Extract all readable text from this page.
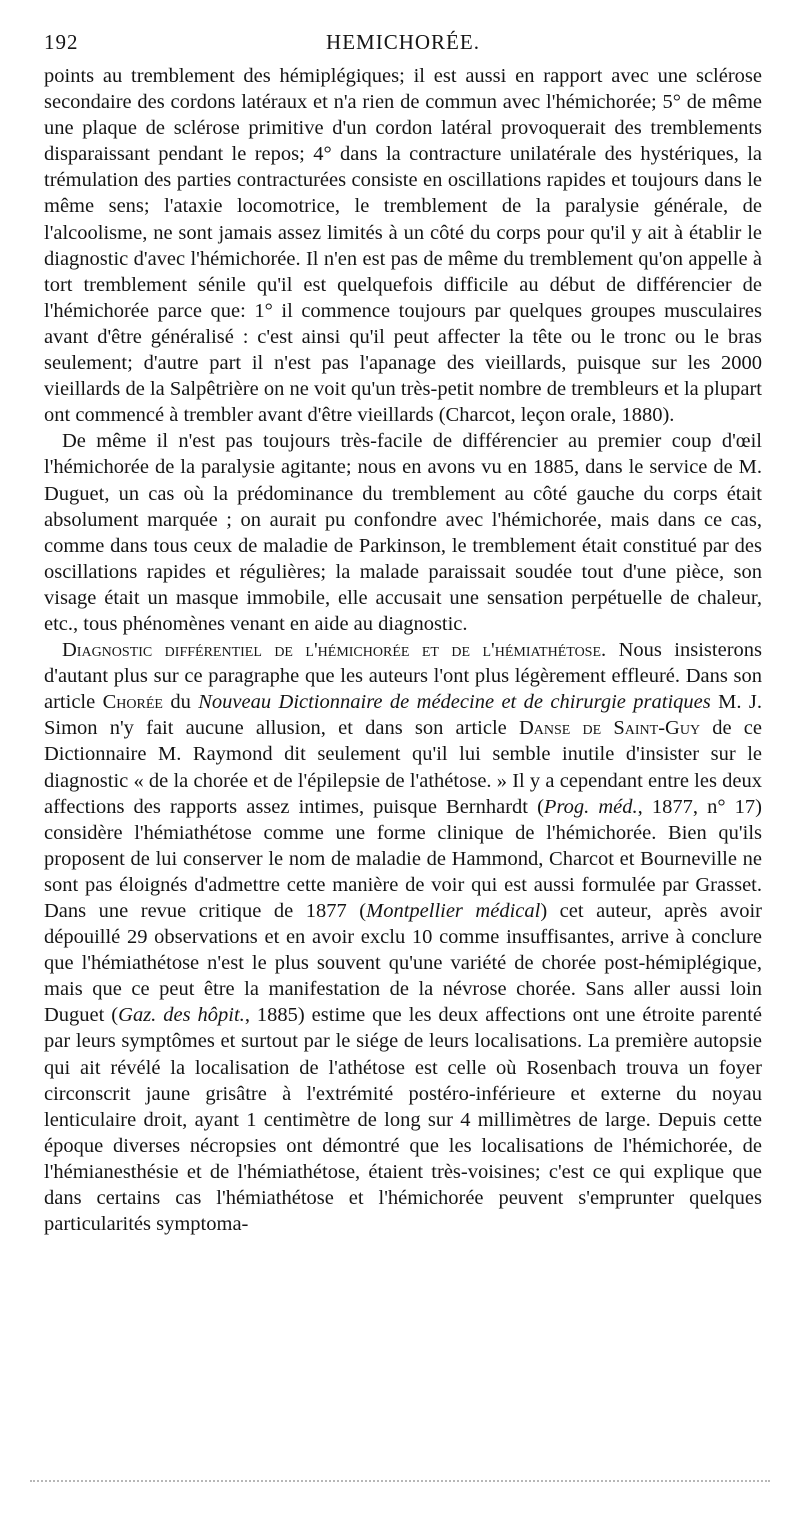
192	HEMICHORÉE.

points au tremblement des hémiplégiques; il est aussi en rapport avec une sclérose secondaire des cordons latéraux et n'a rien de commun avec l'hémichorée; 5° de même une plaque de sclérose primitive d'un cordon latéral provoquerait des tremblements disparaissant pendant le repos; 4° dans la contracture unilatérale des hystériques, la trémulation des parties contracturées consiste en oscillations rapides et toujours dans le même sens; l'ataxie locomotrice, le tremblement de la paralysie générale, de l'alcoolisme, ne sont jamais assez limités à un côté du corps pour qu'il y ait à établir le diagnostic d'avec l'hémichorée. Il n'en est pas de même du tremblement qu'on appelle à tort tremblement sénile qu'il est quelquefois difficile au début de différencier de l'hémichorée parce que: 1° il commence toujours par quelques groupes musculaires avant d'être généralisé : c'est ainsi qu'il peut affecter la tête ou le tronc ou le bras seulement; d'autre part il n'est pas l'apanage des vieillards, puisque sur les 2000 vieillards de la Salpêtrière on ne voit qu'un très-petit nombre de trembleurs et la plupart ont commencé à trembler avant d'être vieillards (Charcot, leçon orale, 1880).

De même il n'est pas toujours très-facile de différencier au premier coup d'œil l'hémichorée de la paralysie agitante; nous en avons vu en 1885, dans le service de M. Duguet, un cas où la prédominance du tremblement au côté gauche du corps était absolument marquée ; on aurait pu confondre avec l'hémichorée, mais dans ce cas, comme dans tous ceux de maladie de Parkinson, le tremblement était constitué par des oscillations rapides et régulières; la malade paraissait soudée tout d'une pièce, son visage était un masque immobile, elle accusait une sensation perpétuelle de chaleur, etc., tous phénomènes venant en aide au diagnostic.

Diagnostic différentiel de l'hémichorée et de l'hémiathétose. Nous insisterons d'autant plus sur ce paragraphe que les auteurs l'ont plus légèrement effleuré. Dans son article Chorée du Nouveau Dictionnaire de médecine et de chirurgie pratiques M. J. Simon n'y fait aucune allusion, et dans son article Danse de Saint-Guy de ce Dictionnaire M. Raymond dit seulement qu'il lui semble inutile d'insister sur le diagnostic « de la chorée et de l'épilepsie de l'athétose. » Il y a cependant entre les deux affections des rapports assez intimes, puisque Bernhardt (Prog. méd., 1877, n° 17) considère l'hémiathétose comme une forme clinique de l'hémichorée. Bien qu'ils proposent de lui conserver le nom de maladie de Hammond, Charcot et Bourneville ne sont pas éloignés d'admettre cette manière de voir qui est aussi formulée par Grasset. Dans une revue critique de 1877 (Montpellier médical) cet auteur, après avoir dépouillé 29 observations et en avoir exclu 10 comme insuffisantes, arrive à conclure que l'hémiathétose n'est le plus souvent qu'une variété de chorée post-hémiplégique, mais que ce peut être la manifestation de la névrose chorée. Sans aller aussi loin Duguet (Gaz. des hôpit., 1885) estime que les deux affections ont une étroite parenté par leurs symptômes et surtout par le siége de leurs localisations. La première autopsie qui ait révélé la localisation de l'athétose est celle où Rosenbach trouva un foyer circonscrit jaune grisâtre à l'extrémité postéro-inférieure et externe du noyau lenticulaire droit, ayant 1 centimètre de long sur 4 millimètres de large. Depuis cette époque diverses nécropsies ont démontré que les localisations de l'hémichorée, de l'hémianesthésie et de l'hémiathétose, étaient très-voisines; c'est ce qui explique que dans certains cas l'hémiathétose et l'hémichorée peuvent s'emprunter quelques particularités symptoma-
